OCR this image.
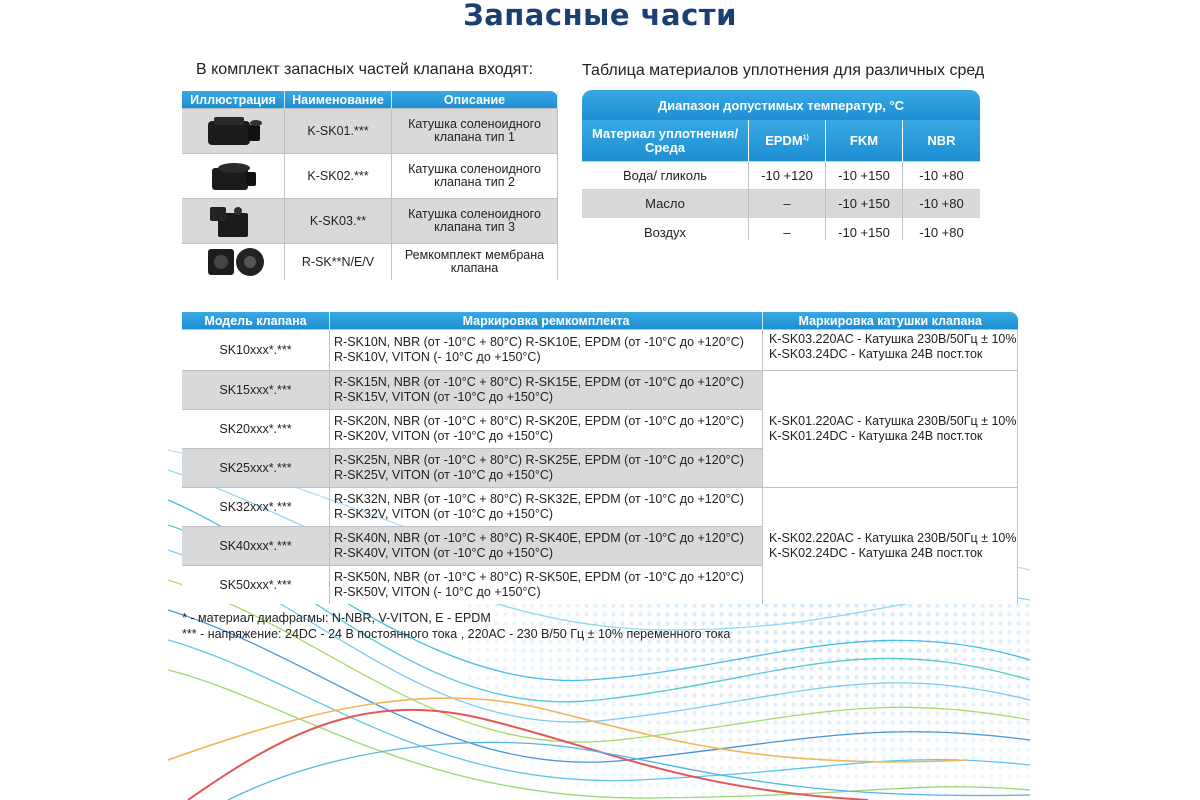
Запасные части
В комплект запасных частей клапана входят:	Таблица материалов уплотнения для различных сред
Иллюстрация	Наименование	Описание

	K-SK01.***	Катушка соленоидного
клапана тип 1

	K-SK02.***	Катушка соленоидного
клапана тип 2

	K-SK03.**	Катушка соленоидного
клапана тип 3

	R-SK**N/E/V	Ремкомплект мембрана
клапана
Диапазон допустимых температур, °С			
Материал уплотнения/
Среда	EPDM$^{1)}$	FKM	NBR
Вода/ гликоль	-10 +120	-10 +150	-10 +80
Масло	–	-10 +150	-10 +80
Воздух	–	-10 +150	-10 +80
Модель клапана	Маркировка ремкомплекта	Маркировка катушки клапана
SK10xxx*.***	R-SK10N, NBR (от -10°C + 80°C) R-SK10E, EPDM (от -10°C до +120°C)
R-SK10V, VITON (- 10°C до +150°C)	K-SK03.220AC - Катушка 230В/50Гц ± 10%
K-SK03.24DC - Катушка 24В пост.ток
SK15xxx*.***	R-SK15N, NBR (от -10°C + 80°C) R-SK15E, EPDM (от -10°C до +120°C)
R-SK15V, VITON (от -10°C до +150°C)	K-SK01.220AC - Катушка 230В/50Гц ± 10%
K-SK01.24DC - Катушка 24В пост.ток
SK20xxx*.***	R-SK20N, NBR (от -10°C + 80°C) R-SK20E, EPDM (от -10°C до +120°C)
R-SK20V, VITON (от -10°C до +150°C)	
SK25xxx*.***	R-SK25N, NBR (от -10°C + 80°C) R-SK25E, EPDM (от -10°C до +120°C)
R-SK25V, VITON (от -10°C до +150°C)	
SK32xxx*.***	R-SK32N, NBR (от -10°C + 80°C) R-SK32E, EPDM (от -10°C до +120°C)
R-SK32V, VITON (от -10°C до +150°C)	K-SK02.220AC - Катушка 230В/50Гц ± 10%
K-SK02.24DC - Катушка 24В пост.ток
SK40xxx*.***	R-SK40N, NBR (от -10°C + 80°C) R-SK40E, EPDM (от -10°C до +120°C)
R-SK40V, VITON (от -10°C до +150°C)	
SK50xxx*.***	R-SK50N, NBR (от -10°C + 80°C) R-SK50E, EPDM (от -10°C до +120°C)
R-SK50V, VITON (- 10°C до +150°C)	
* - материал диафрагмы: N-NBR, V-VITON, E - EPDM
*** - напряжение: 24DC - 24 В постоянного тока , 220АС - 230 В/50 Гц ± 10% переменного тока
